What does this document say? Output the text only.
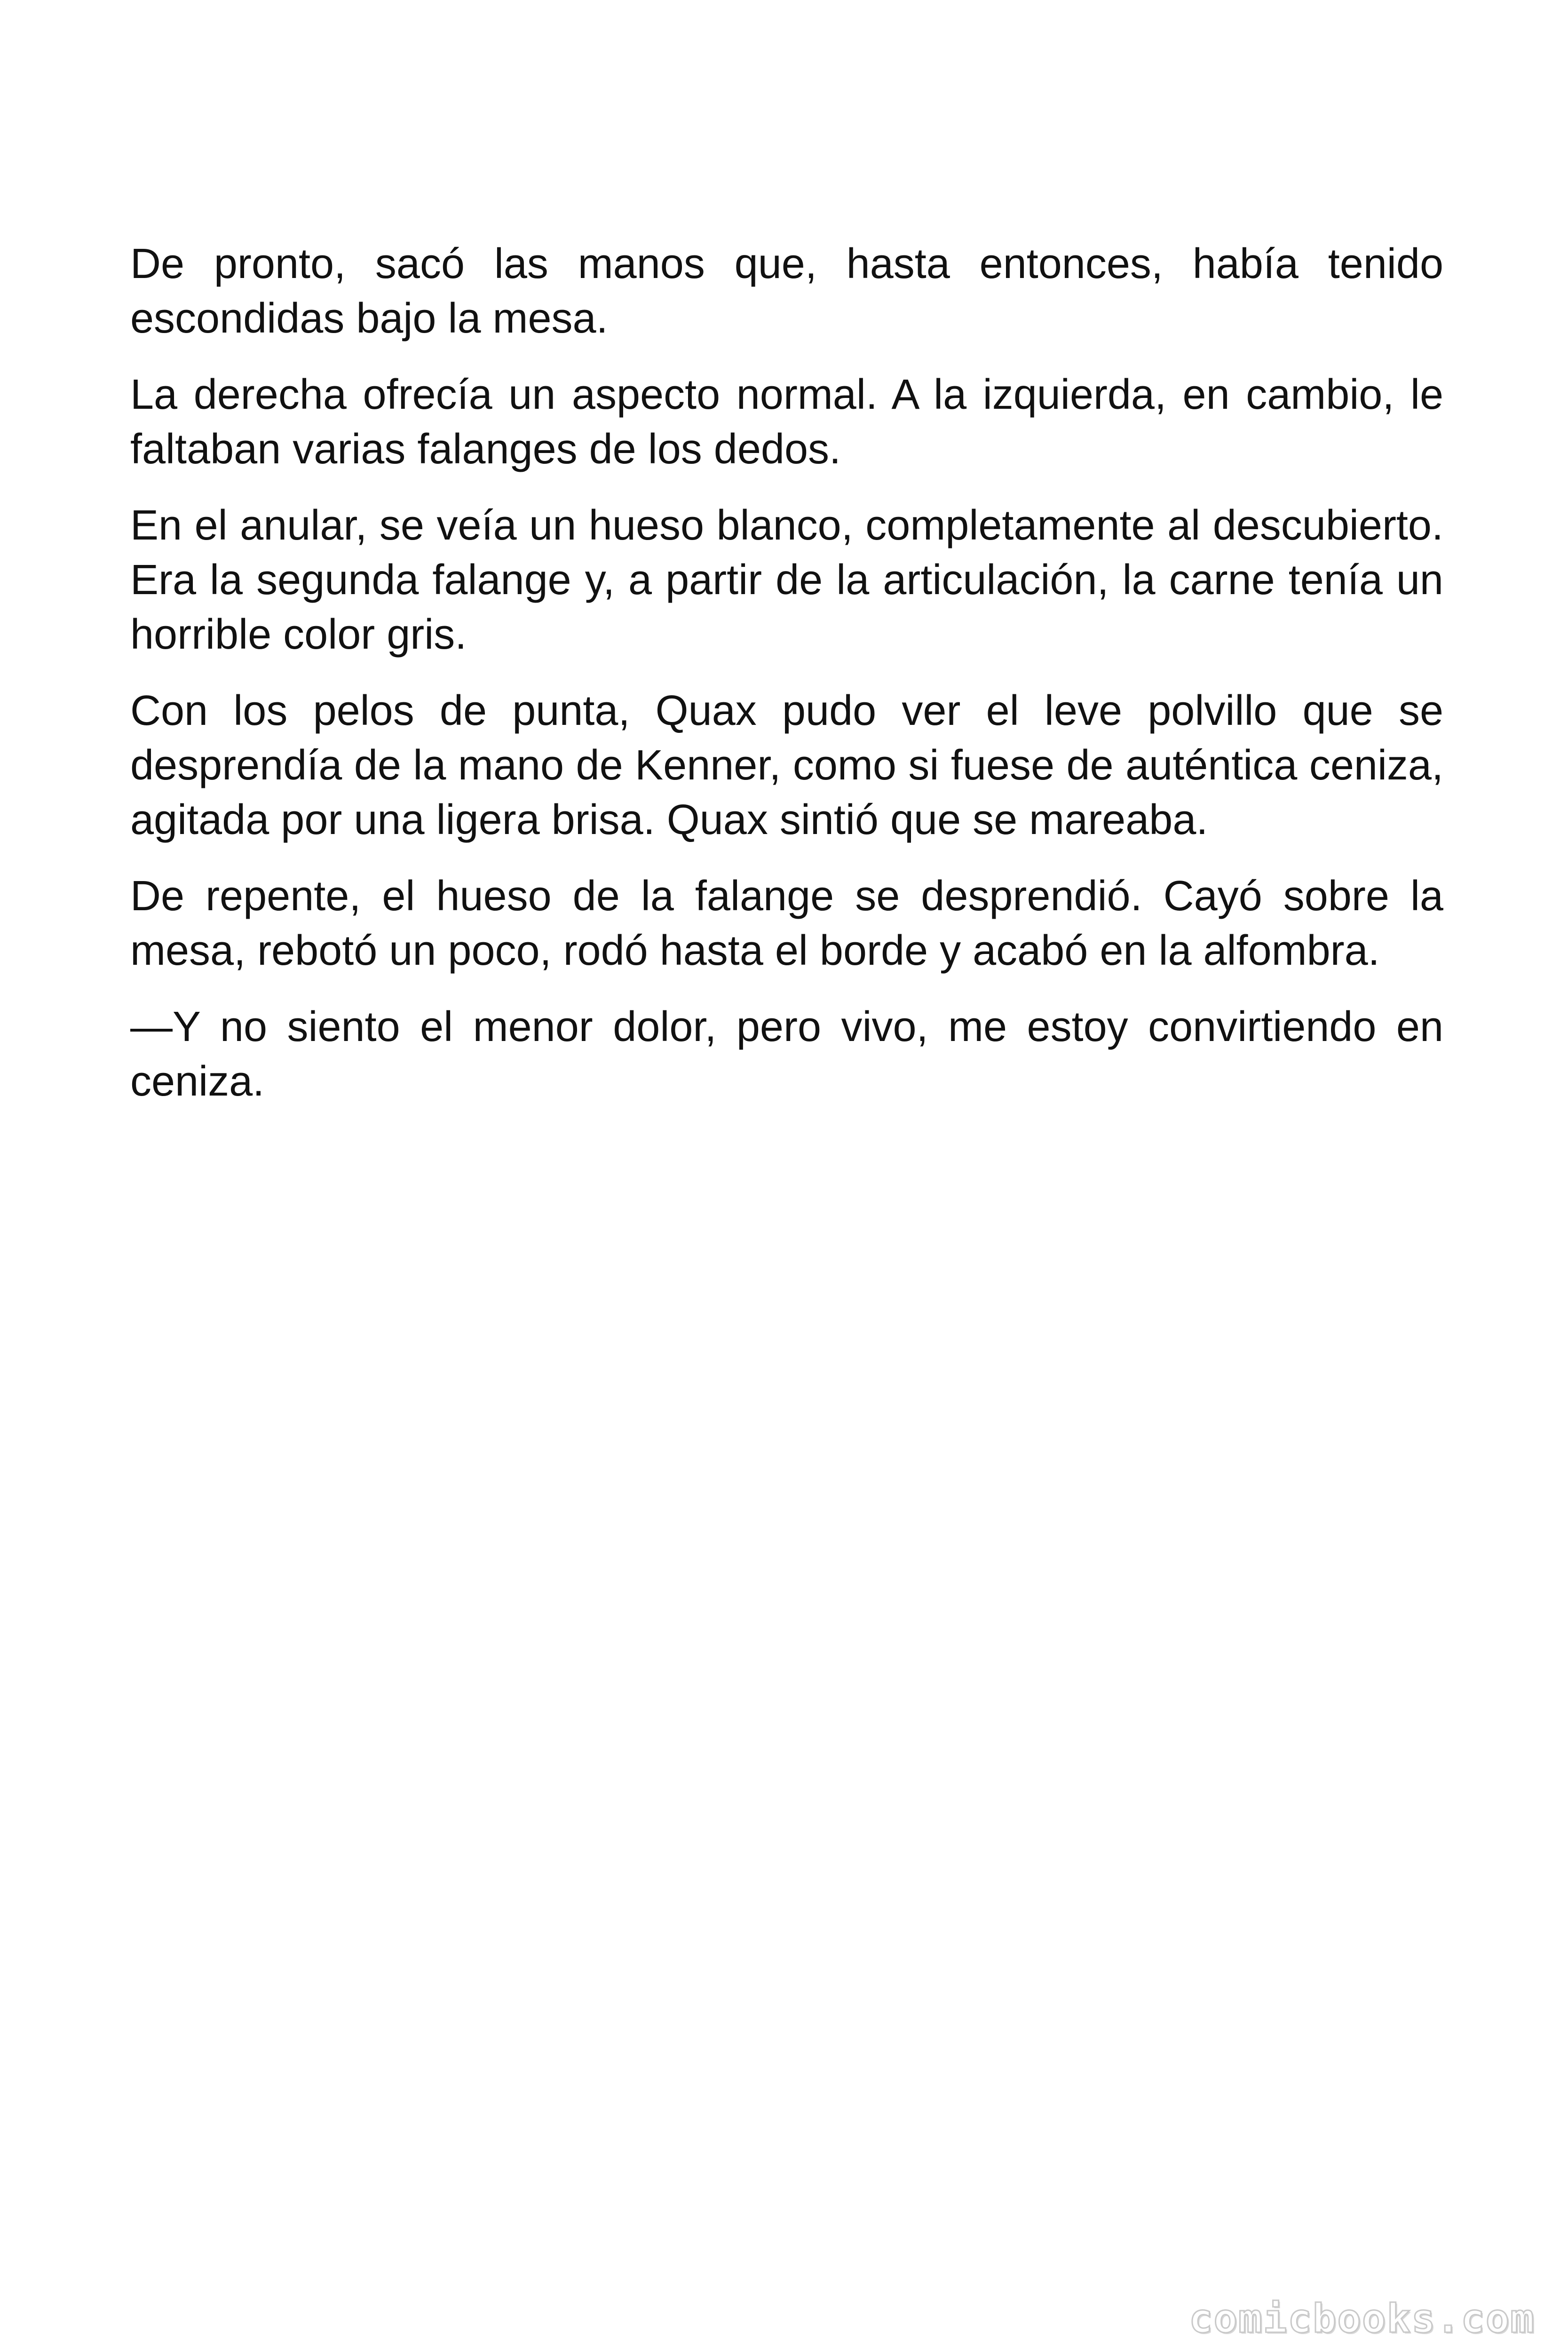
De pronto, sacó las manos que, hasta entonces, había tenido escondidas bajo la mesa.

La derecha ofrecía un aspecto normal. A la izquierda, en cambio, le faltaban varias falanges de los dedos.

En el anular, se veía un hueso blanco, completamente al descubierto. Era la segunda falange y, a partir de la articulación, la carne tenía un horrible color gris.

Con los pelos de punta, Quax pudo ver el leve polvillo que se desprendía de la mano de Kenner, como si fuese de auténtica ceniza, agitada por una ligera brisa. Quax sintió que se mareaba.

De repente, el hueso de la falange se desprendió. Cayó sobre la mesa, rebotó un poco, rodó hasta el borde y acabó en la alfombra.

—Y no siento el menor dolor, pero vivo, me estoy convirtiendo en ceniza.

comicbooks.com
